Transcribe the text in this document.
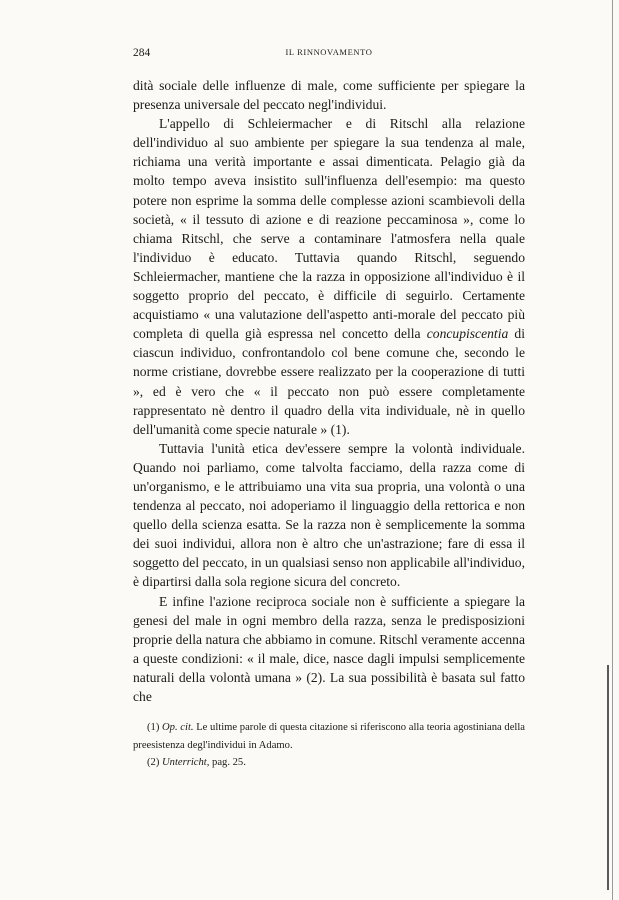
284	IL RINNOVAMENTO

dità sociale delle influenze di male, come sufficiente per spiegare la presenza universale del peccato negl'individui.

L'appello di Schleiermacher e di Ritschl alla relazione dell'individuo al suo ambiente per spiegare la sua tendenza al male, richiama una verità importante e assai dimenticata. Pelagio già da molto tempo aveva insistito sull'influenza dell'esempio: ma questo potere non esprime la somma delle complesse azioni scambievoli della società, « il tessuto di azione e di reazione peccaminosa », come lo chiama Ritschl, che serve a contaminare l'atmosfera nella quale l'individuo è educato. Tuttavia quando Ritschl, seguendo Schleiermacher, mantiene che la razza in opposizione all'individuo è il soggetto proprio del peccato, è difficile di seguirlo. Certamente acquistiamo « una valutazione dell'aspetto anti-morale del peccato più completa di quella già espressa nel concetto della concupiscentia di ciascun individuo, confrontandolo col bene comune che, secondo le norme cristiane, dovrebbe essere realizzato per la cooperazione di tutti », ed è vero che « il peccato non può essere completamente rappresentato nè dentro il quadro della vita individuale, nè in quello dell'umanità come specie naturale » (1).

Tuttavia l'unità etica dev'essere sempre la volontà individuale. Quando noi parliamo, come talvolta facciamo, della razza come di un'organismo, e le attribuiamo una vita sua propria, una volontà o una tendenza al peccato, noi adoperiamo il linguaggio della rettorica e non quello della scienza esatta. Se la razza non è semplicemente la somma dei suoi individui, allora non è altro che un'astrazione; fare di essa il soggetto del peccato, in un qualsiasi senso non applicabile all'individuo, è dipartirsi dalla sola regione sicura del concreto.

E infine l'azione reciproca sociale non è sufficiente a spiegare la genesi del male in ogni membro della razza, senza le predisposizioni proprie della natura che abbiamo in comune. Ritschl veramente accenna a queste condizioni: « il male, dice, nasce dagli impulsi semplicemente naturali della volontà umana » (2). La sua possibilità è basata sul fatto che

(1) Op. cit. Le ultime parole di questa citazione si riferiscono alla teoria agostiniana della preesistenza degl'individui in Adamo.

(2) Unterricht, pag. 25.
